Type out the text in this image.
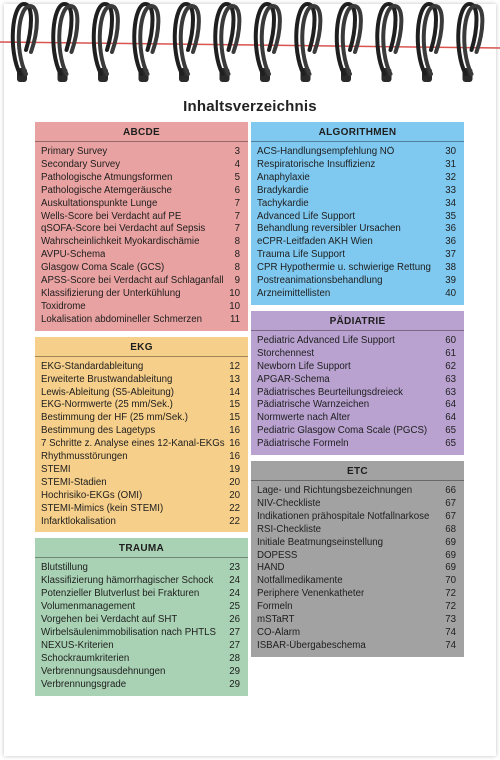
Inhaltsverzeichnis
ABCDE
Primary Survey	3
Secondary Survey	4
Pathologische Atmungsformen	5
Pathologische Atemgeräusche	6
Auskultationspunkte Lunge	7
Wells-Score bei Verdacht auf PE	7
qSOFA-Score bei Verdacht auf Sepsis	7
Wahrscheinlichkeit Myokardischämie	8
AVPU-Schema	8
Glasgow Coma Scale (GCS)	8
APSS-Score bei Verdacht auf Schlaganfall	9
Klassifizierung der Unterkühlung	10
Toxidrome	10
Lokalisation abdomineller Schmerzen	11
EKG
EKG-Standardableitung	12
Erweiterte Brustwandableitung	13
Lewis-Ableitung (S5-Ableitung)	14
EKG-Normwerte (25 mm/Sek.)	15
Bestimmung der HF (25 mm/Sek.)	15
Bestimmung des Lagetyps	16
7 Schritte z. Analyse eines 12-Kanal-EKGs 16
Rhythmusstörungen	16
STEMI	19
STEMI-Stadien	20
Hochrisiko-EKGs (OMI)	20
STEMI-Mimics (kein STEMI)	22
Infarktlokalisation	22
TRAUMA
Blutstillung	23
Klassifizierung hämorrhagischer Schock	24
Potenzieller Blutverlust bei Frakturen	24
Volumenmanagement	25
Vorgehen bei Verdacht auf SHT	26
Wirbelsäulenimmobilisation nach PHTLS	27
NEXUS-Kriterien	27
Schockraumkriterien	28
Verbrennungsausdehnungen	29
Verbrennungsgrade	29
ALGORITHMEN
ACS-Handlungsempfehlung NÖ	30
Respiratorische Insuffizienz	31
Anaphylaxie	32
Bradykardie	33
Tachykardie	34
Advanced Life Support	35
Behandlung reversibler Ursachen	36
eCPR-Leitfaden AKH Wien	36
Trauma Life Support	37
CPR Hypothermie u. schwierige Rettung	38
Postreanimationsbehandlung	39
Arzneimittellisten	40
PÄDIATRIE
Pediatric Advanced Life Support	60
Storchennest	61
Newborn Life Support	62
APGAR-Schema	63
Pädiatrisches Beurteilungsdreieck	63
Pädiatrische Warnzeichen	64
Normwerte nach Alter	64
Pediatric Glasgow Coma Scale (PGCS)	65
Pädiatrische Formeln	65
ETC
Lage- und Richtungsbezeichnungen	66
NIV-Checkliste	67
Indikationen prähospitale Notfallnarkose	67
RSI-Checkliste	68
Initiale Beatmungseinstellung	69
DOPESS	69
HAND	69
Notfallmedikamente	70
Periphere Venenkatheter	72
Formeln	72
mSTaRT	73
CO-Alarm	74
ISBAR-Übergabeschema	74
